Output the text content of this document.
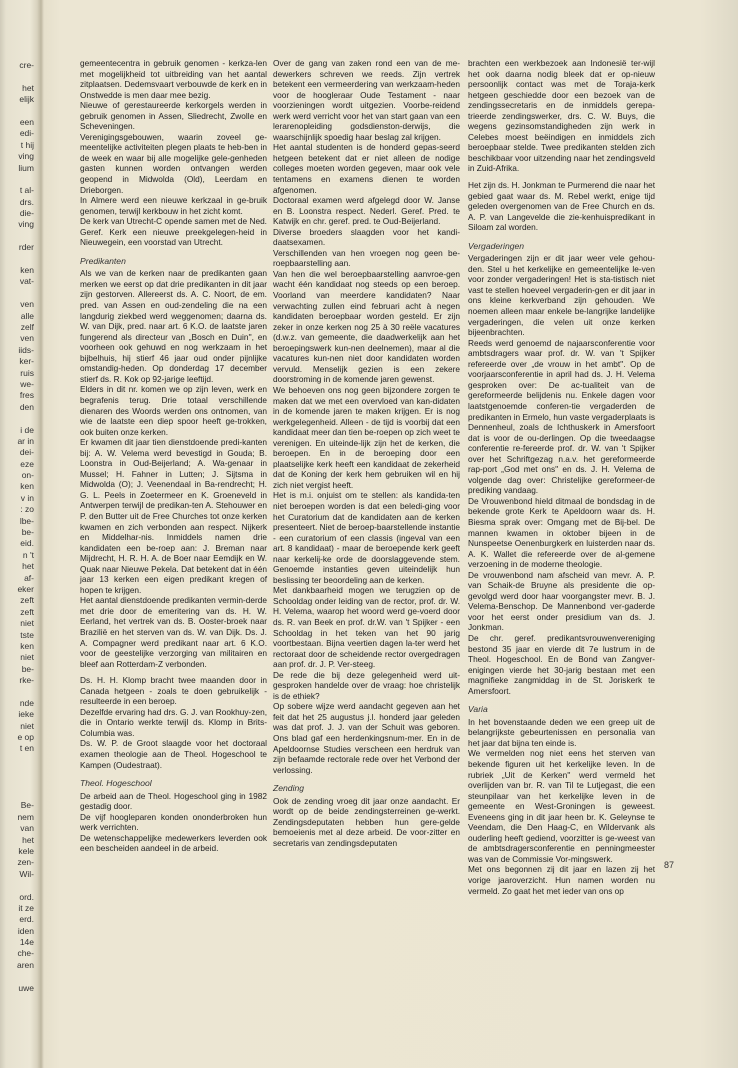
cre-
het
elijk
een
edi-
t hij
ving
lium
t al-
drs.
die-
ving
rder
ken
vat-
ven
alle
zelf
ven
iids-
ker-
ruis
we-
fres
den
i de
ar in
dei-
eze
on-
ken
v in
: zo
lbe-
be-
eid.
n 't
het
af-
eker
zeft
zeft
niet
tste
ken
niet
be-
rke-
nde
ieke
niet
e op
t en
Be-
nem
van
het
kele
zen-
Wil-
ord.
it ze
erd.
iden
14e
che-
aren
uwe

gemeentecentra in gebruik genomen - kerkza-len met mogelijkheid tot uitbreiding van het aantal zitplaatsen. Dedemsvaart verbouwde de kerk en in Onstwedde is men daar mee bezig.

Nieuwe of gerestaureerde kerkorgels werden in gebruik genomen in Assen, Sliedrecht, Zwolle en Scheveningen.

Verenigingsgebouwen, waarin zoveel ge-meentelijke activiteiten plegen plaats te heb-ben in de week en waar bij alle mogelijke gele-genheden gasten kunnen worden ontvangen werden geopend in Midwolda (Old), Leerdam en Drieborgen.

In Almere werd een nieuwe kerkzaal in ge-bruik genomen, terwijl kerkbouw in het zicht komt.

De kerk van Utrecht-C opende samen met de Ned. Geref. Kerk een nieuwe preekgelegen-heid in Nieuwegein, een voorstad van Utrecht.

Predikanten

Als we van de kerken naar de predikanten gaan merken we eerst op dat drie predikanten in dit jaar zijn gestorven. Allereerst ds. A. C. Noort, de em. pred. van Assen en oud-zendeling die na een langdurig ziekbed werd weggenomen; daarna ds. W. van Dijk, pred. naar art. 6 K.O. de laatste jaren fungerend als directeur van „Bosch en Duin'', en voorheen ook gehuwd en nog werkzaam in het bijbelhuis, hij stierf 46 jaar oud onder pijnlijke omstandig-heden. Op donderdag 17 december stierf ds. R. Kok op 92-jarige leeftijd.

Elders in dit nr. komen we op zijn leven, werk en begrafenis terug. Drie totaal verschillende dienaren des Woords werden ons ontnomen, van wie de laatste een diep spoor heeft ge-trokken, ook buiten onze kerken.

Er kwamen dit jaar tien dienstdoende predi-kanten bij: A. W. Velema werd bevestigd in Gouda; B. Loonstra in Oud-Beijerland; A. Wa-genaar in Mussel; H. Fahner in Lutten; J. Sijtsma in Midwolda (O); J. Veenendaal in Ba-rendrecht; H. G. L. Peels in Zoetermeer en K. Groeneveld in Antwerpen terwijl de predikan-ten A. Stehouwer en P. den Butter uit de Free Churches tot onze kerken kwamen en zich verbonden aan respect. Nijkerk en Middelhar-nis. Inmiddels namen drie kandidaten een be-roep aan: J. Breman naar Mijdrecht, H. R. H. A. de Boer naar Eemdijk en W. Quak naar Nieuwe Pekela. Dat betekent dat in één jaar 13 kerken een eigen predikant kregen of hopen te krijgen.

Het aantal dienstdoende predikanten vermin-derde met drie door de emeritering van ds. H. W. Eerland, het vertrek van ds. B. Ooster-broek naar Brazilië en het sterven van ds. W. van Dijk. Ds. J. A. Compagner werd predikant naar art. 6 K.O. voor de geestelijke verzorging van militairen en bleef aan Rotterdam-Z verbonden.

Ds. H. H. Klomp bracht twee maanden door in Canada hetgeen - zoals te doen gebruikelijk - resulteerde in een beroep.

Dezelfde ervaring had drs. G. J. van Rookhuy-zen, die in Ontario werkte terwijl ds. Klomp in Brits-Columbia was.

Ds. W. P. de Groot slaagde voor het doctoraal examen theologie aan de Theol. Hogeschool te Kampen (Oudestraat).

Theol. Hogeschool

De arbeid aan de Theol. Hogeschool ging in 1982 gestadig door.

De vijf hooglераren konden ononderbroken hun werk verrichten.

De wetenschappelijke medewerkers leverden ook een bescheiden aandeel in de arbeid.

Over de gang van zaken rond een van de me-dewerkers schreven we reeds. Zijn vertrek betekent een vermeerdering van werkzaam-heden voor de hoogleraar Oude Testament - naar voorzieningen wordt uitgezien. Voorbe-reidend werk werd verricht voor het van start gaan van een lerarenopleiding godsdienston-derwijs, die waarschijnlijk spoedig haar beslag zal krijgen.

Het aantal studenten is de honderd gepas-seerd hetgeen betekent dat er niet alleen de nodige colleges moeten worden gegeven, maar ook vele tentamens en examens dienen te worden afgenomen.

Doctoraal examen werd afgelegd door W. Janse en B. Loonstra respect. Nederl. Geref. Pred. te Katwijk en chr. geref. pred. te Oud-Beijerland.

Diverse broeders slaagden voor het kandi-daatsexamen.

Verschillenden van hen vroegen nog geen be-roepbaarstelling aan.

Van hen die wel beroepbaarstelling aanvroe-gen wacht één kandidaat nog steeds op een beroep. Voorland van meerdere kandidaten? Naar verwachting zullen eind februari acht à negen kandidaten beroepbaar worden gesteld. Er zijn zeker in onze kerken nog 25 à 30 reële vacatures (d.w.z. van gemeente, die daadwerkelijk aan het beroepingswerk kun-nen deelnemen), maar al die vacatures kun-nen niet door kandidaten worden vervuld. Menselijk gezien is een zekere doorstroming in de komende jaren gewenst.

We behoeven ons nog geen bijzondere zorgen te maken dat we met een overvloed van kan-didaten in de komende jaren te maken krijgen. Er is nog werkgelegenheid. Alleen - de tijd is voorbij dat een kandidaat meer dan tien be-roepen op zich weet te verenigen. En uiteinde-lijk zijn het de kerken, die beroepen. En in de beroeping door een plaatselijke kerk heeft een kandidaat de zekerheid dat de Koning der kerk hem gebruiken wil en hij zich niet vergist heeft.

Het is m.i. onjuist om te stellen: als kandida-ten niet beroepen worden is dat een beledi-ging voor het Curatorium dat de kandidaten aan de kerken presenteert. Niet de beroep-baarstellende instantie - een curatorium of een classis (ingeval van een art. 8 kandidaat) - maar de beroepende kerk geeft naar kerkelij-ke orde de doorslaggevende stem. Genoemde instanties geven uiteindelijk hun beslissing ter beoordeling aan de kerken.

Met dankbaarheid mogen we terugzien op de Schooldag onder leiding van de rector, prof. dr. W. H. Velema, waarop het woord werd ge-voerd door ds. R. van Beek en prof. dr.W. van 't Spijker - een Schooldag in het teken van het 90 jarig voortbestaan. Bijna veertien dagen la-ter werd het rectoraat door de scheidende rector overgedragen aan prof. dr. J. P. Ver-steeg.

De rede die bij deze gelegenheid werd uit-gesproken handelde over de vraag: hoe christelijk is de ethiek?

Op sobere wijze werd aandacht gegeven aan het feit dat het 25 augustus j.l. honderd jaar geleden was dat prof. J. J. van der Schuit was geboren. Ons blad gaf een herdenkingsnum-mer. En in de Apeldoornse Studies verscheen een herdruk van zijn befaamde rectorale rede over het Verbond der verlossing.

Zending

Ook de zending vroeg dit jaar onze aandacht. Er wordt op de beide zendingsterreinen ge-werkt. Zendingsdeputaten hebben hun gere-gelde bemoeienis met al deze arbeid. De voor-zitter en secretaris van zendingsdeputaten

brachten een werkbezoek aan Indonesië ter-wijl het ook daarna nodig bleek dat er op-nieuw persoonlijk contact was met de Toraja-kerk hetgeen geschiedde door een bezoek van de zendingssecretaris en de inmiddels gerepa-trieerde zendingswerker, drs. C. W. Buys, die wegens gezinsomstandigheden zijn werk in Celebes moest beëindigen en inmiddels zich beroepbaar stelde. Twee predikanten stelden zich beschikbaar voor uitzending naar het zendingsveld in Zuid-Afrika.

Het zijn ds. H. Jonkman te Purmerend die naar het gebied gaat waar ds. M. Rebel werkt, enige tijd geleden overgenomen van de Free Church en ds. A. P. van Langevelde die zie-kenhuispredikant in Siloam zal worden.

Vergaderingen

Vergaderingen zijn er dit jaar weer vele gehou-den. Stel u het kerkelijke en gemeentelijke le-ven voor zonder vergaderingen! Het is sta-tistisch niet vast te stellen hoeveel vergaderin-gen er dit jaar in ons kleine kerkverband zijn gehouden. We noemen alleen maar enkele be-langrijke landelijke vergaderingen, die velen uit onze kerken bijeenbrachten.

Reeds werd genoemd de najaarsconferentie voor ambtsdragers waar prof. dr. W. van 't Spijker refereerde over „de vrouw in het ambt''. Op de voorjaarsconferentie in april had ds. J. H. Velema gesproken over: De ac-tualiteit van de gereformeerde belijdenis nu. Enkele dagen voor laatstgenoemde conferen-tie vergaderden de predikanten in Ermelo, hun vaste vergaderplaats is Dennenheul, zoals de Ichthuskerk in Amersfoort dat is voor de ou-derlingen. Op die tweedaagse conferentie re-fereerde prof. dr. W. van 't Spijker over het Schriftgezag n.a.v. het gereformeerde rap-port „God met ons'' en ds. J. H. Velema de volgende dag over: Christelijke gereformeer-de prediking vandaag.

De Vrouwenbond hield ditmaal de bondsdag in de bekende grote Kerk te Apeldoorn waar ds. H. Biesma sprak over: Omgang met de Bij-bel. De mannen kwamen in oktober bijeen in de Nunspeetse Oenenburgkerk en luisterden naar ds. A. K. Wallet die refereerde over de al-gemene verzoening in de moderne theologie.

De vrouwenbond nam afscheid van mevr. A. P. van Schaik-de Bruyne als presidente die op-gevolgd werd door haar voorgangster mevr. B. J. Velema-Benschop. De Mannenbond ver-gaderde voor het eerst onder presidium van ds. J. Jonkman.

De chr. geref. predikantsvrouwenvereniging bestond 35 jaar en vierde dit 7e lustrum in de Theol. Hogeschool. En de Bond van Zangver-enigingen vierde het 30-jarig bestaan met een magnifieke zangmiddag in de St. Joriskerk te Amersfoort.

Varia

In het bovenstaande deden we een greep uit de belangrijkste gebeurtenissen en personalia van het jaar dat bijna ten einde is.

We vermelden nog niet eens het sterven van bekende figuren uit het kerkelijke leven. In de rubriek „Uit de Kerken'' werd vermeld het overlijden van br. R. van Til te Lutjegast, die een steunpilaar van het kerkelijke leven in de gemeente en West-Groningen is geweest. Eveneens ging in dit jaar heen br. K. Geleynse te Veendam, die Den Haag-C, en Wildervank als ouderling heeft gediend, voorzitter is ge-weest van de ambtsdragersconferentie en penningmeester was van de Commissie Vor-mingswerk.

Met ons begonnen zij dit jaar en lazen zij het vorige jaaroverzicht. Hun namen worden nu vermeld. Zo gaat het met ieder van ons op

87
